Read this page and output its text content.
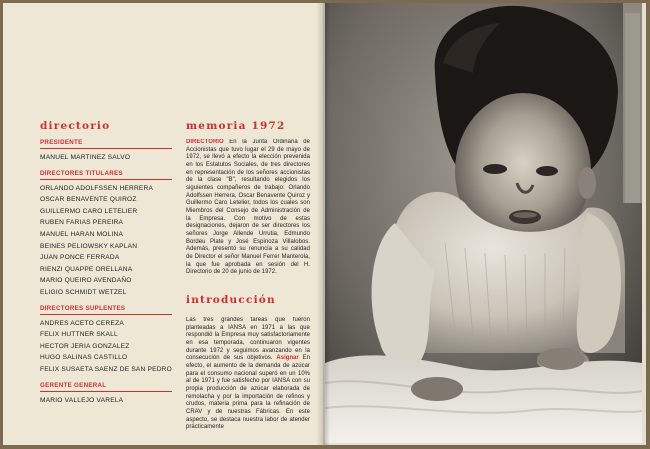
directorio
PRESIDENTE
MANUEL MARTINEZ SALVO
DIRECTORES TITULARES
ORLANDO ADOLFSSEN HERRERA
OSCAR BENAVENTE QUIROZ
GUILLERMO CARO LETELIER
RUBEN FARIAS PEREIRA
MANUEL HARAN MOLINA
BEINES PELIOWSKY KAPLAN
JUAN PONCE FERRADA
RIENZI QUAPPE ORELLANA
MARIO QUEIRO AVENDAÑO
ELIGIO SCHMIDT WETZEL
DIRECTORES SUPLENTES
ANDRES ACETO CEREZA
FELIX HUTTNER SKALL
HECTOR JERIA GONZALEZ
HUGO SALINAS CASTILLO
FELIX SUSAETA SAENZ DE SAN PEDRO
GERENTE GENERAL
MARIO VALLEJO VARELA
memoria 1972
DIRECTORIO En la Junta Ordinaria de Accionistas que tuvo lugar el 29 de mayo de 1972, se llevó a efecto la elección prevenida en los Estatutos Sociales, de tres directores en representación de los señores accionistas de la clase "B", resultando elegidos los siguientes compañeros de trabajo: Orlando Adolfssen Herrera, Oscar Benavente Quiroz y Guillermo Caro Letelier, todos los cuales son Miembros del Consejo de Administración de la Empresa. Con motivo de estas designaciones, dejaron de ser directores los señores Jorge Allende Urrutia, Edmundo Bordeu Plate y José Espinoza Villalobos. Además, presentó su renuncia a su calidad de Director el señor Manuel Ferrer Manterola, la que fue aprobada en sesión del H. Directorio de 20 de junio de 1972.
introducción
Las tres grandes tareas que fueron planteadas a IANSA en 1971 a las que respondió la Empresa muy satisfactoriamente en esa temporada, continuaron vigentes durante 1972 y seguimos avanzando en la consecución de sus objetivos. Asignar En efecto, el aumento de la demanda de azúcar para el consumo nacional superó en un 10% al de 1971 y fue satisfecho por IANSA con su propia producción de azúcar elaborada de remolacha y por la importación de refinos y crudos, materia prima para la refinación de CRAV y de nuestras Fábricas. En este aspecto, se destaca nuestra labor de atender prácticamente
